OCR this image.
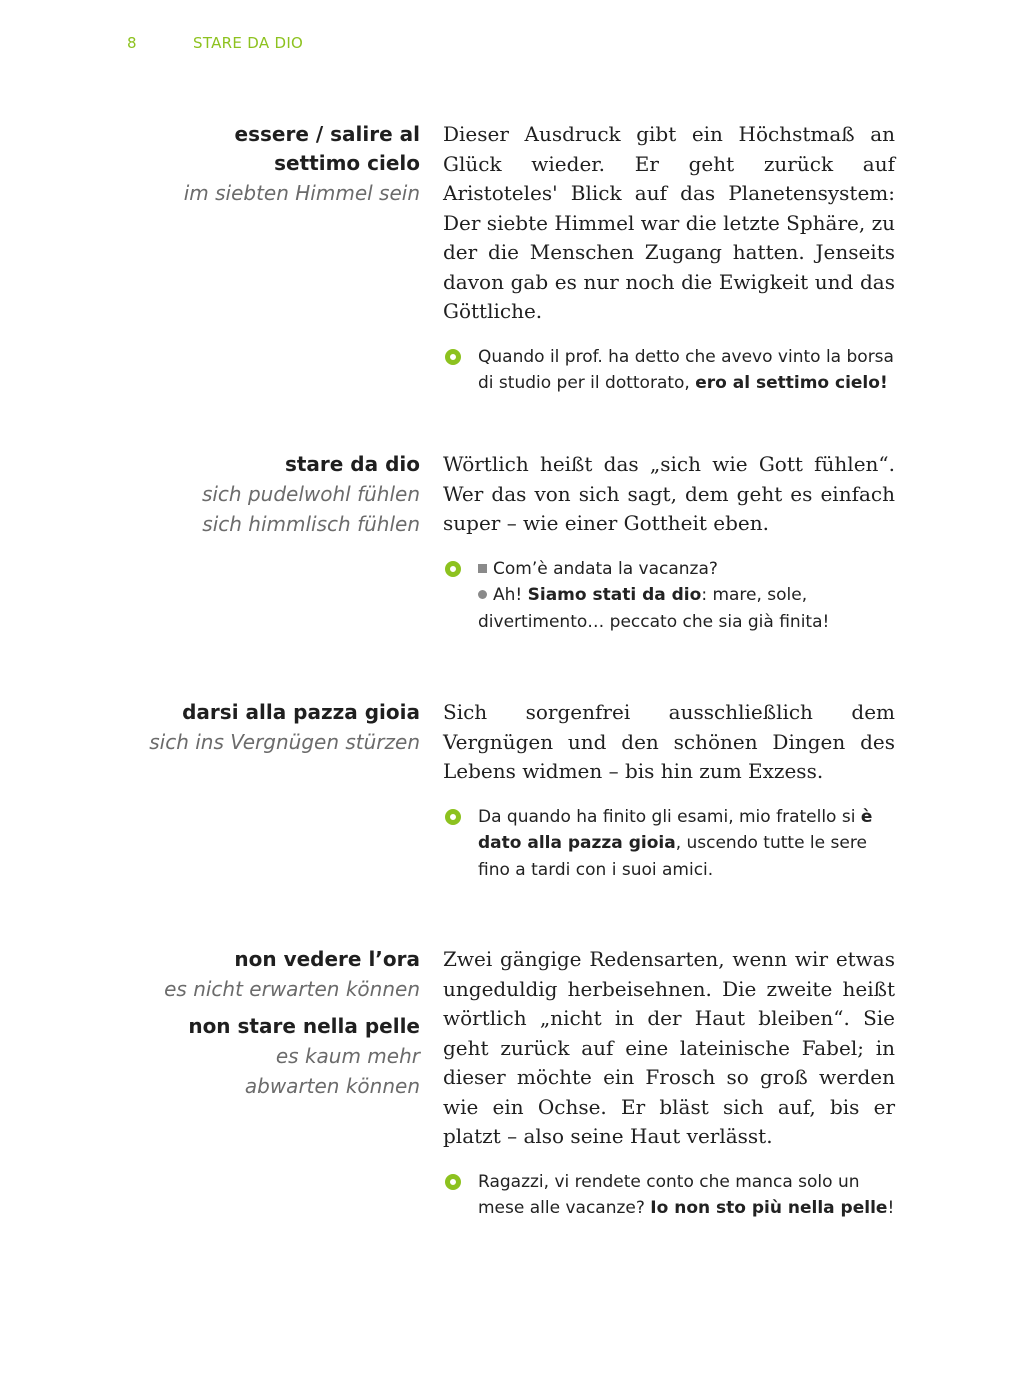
8	STARE DA DIO
essere / salire al
settimo cielo
im siebten Himmel sein
Dieser Ausdruck gibt ein Höchstmaß an Glück wieder. Er geht zurück auf Aristoteles' Blick auf das Planetensystem: Der siebte Himmel war die letzte Sphäre, zu der die Menschen Zugang hatten. Jenseits davon gab es nur noch die Ewigkeit und das Göttliche.
Quando il prof. ha detto che avevo vinto la borsa di studio per il dottorato, ero al settimo cielo!
stare da dio
sich pudelwohl fühlen
sich himmlisch fühlen
Wörtlich heißt das „sich wie Gott fühlen“. Wer das von sich sagt, dem geht es einfach super – wie einer Gottheit eben.
Com’è andata la vacanza?
Ah! Siamo stati da dio: mare, sole, divertimento… peccato che sia già finita!
darsi alla pazza gioia
sich ins Vergnügen stürzen
Sich sorgenfrei ausschließlich dem Vergnügen und den schönen Dingen des Lebens widmen – bis hin zum Exzess.
Da quando ha finito gli esami, mio fratello si è dato alla pazza gioia, uscendo tutte le sere fino a tardi con i suoi amici.
non vedere l’ora
es nicht erwarten können
non stare nella pelle
es kaum mehr
abwarten können
Zwei gängige Redensarten, wenn wir etwas ungeduldig herbeisehnen. Die zweite heißt wörtlich „nicht in der Haut bleiben“. Sie geht zurück auf eine lateinische Fabel; in dieser möchte ein Frosch so groß werden wie ein Ochse. Er bläst sich auf, bis er platzt – also seine Haut verlässt.
Ragazzi, vi rendete conto che manca solo un mese alle vacanze? Io non sto più nella pelle!
